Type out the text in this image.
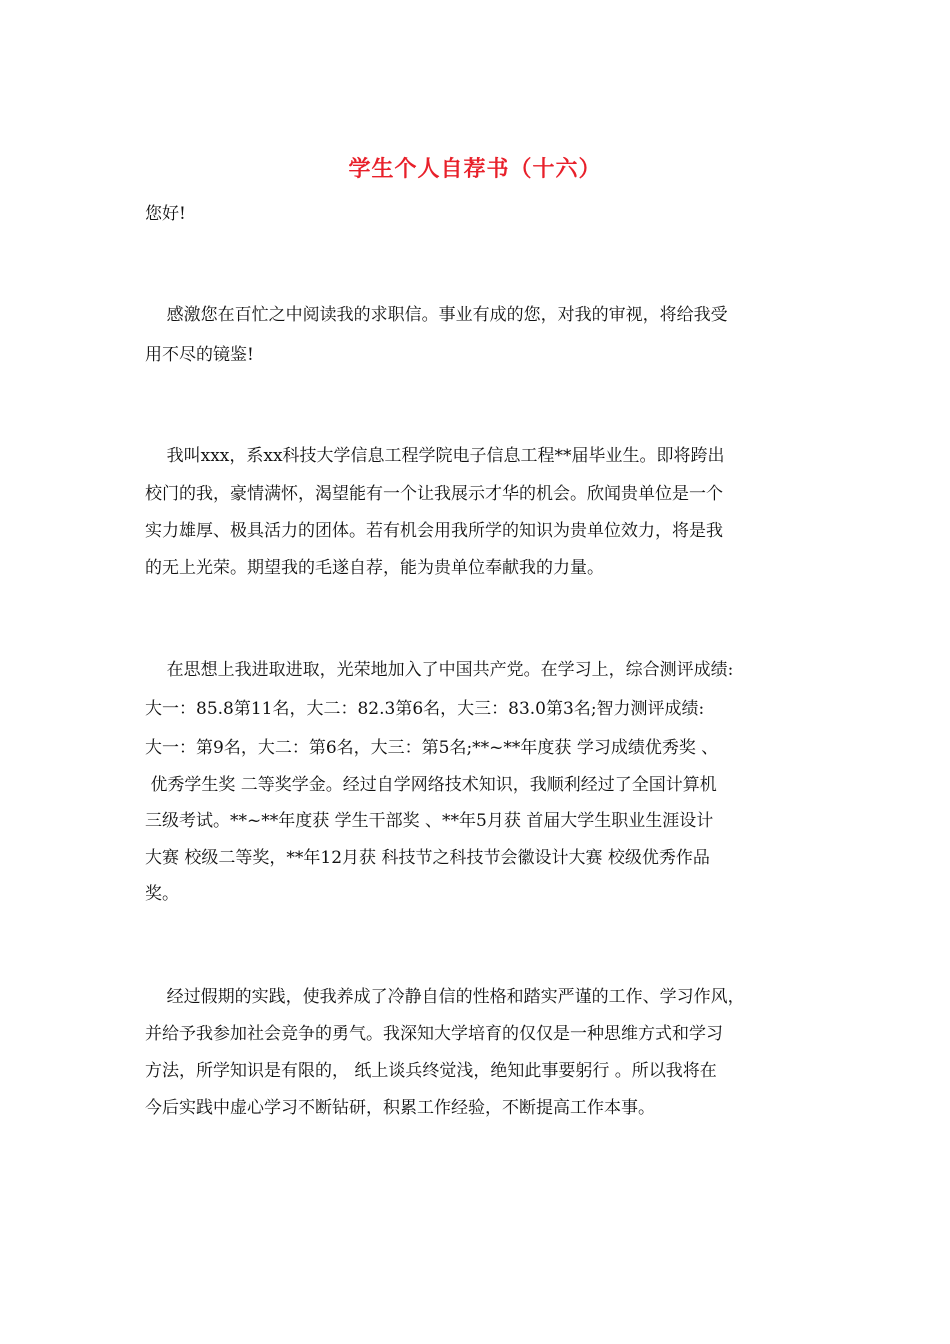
学生个人自荐书（十六）
您好!
感激您在百忙之中阅读我的求职信。事业有成的您，对我的审视，将给我受
用不尽的镜鉴!
我叫xxx，系xx科技大学信息工程学院电子信息工程**届毕业生。即将跨出
校门的我，豪情满怀，渴望能有一个让我展示才华的机会。欣闻贵单位是一个
实力雄厚、极具活力的团体。若有机会用我所学的知识为贵单位效力，将是我
的无上光荣。期望我的毛遂自荐，能为贵单位奉献我的力量。
在思想上我进取进取，光荣地加入了中国共产党。在学习上，综合测评成绩:
大一：85.8第11名，大二：82.3第6名，大三：83.0第3名;智力测评成绩:
大一：第9名，大二：第6名，大三：第5名;**~**年度获 学习成绩优秀奖 、
优秀学生奖 二等奖学金。经过自学网络技术知识，我顺利经过了全国计算机
三级考试。**~**年度获 学生干部奖 、**年5月获 首届大学生职业生涯设计
大赛 校级二等奖，**年12月获 科技节之科技节会徽设计大赛 校级优秀作品
奖。
经过假期的实践，使我养成了冷静自信的性格和踏实严谨的工作、学习作风，
并给予我参加社会竞争的勇气。我深知大学培育的仅仅是一种思维方式和学习
方法，所学知识是有限的， 纸上谈兵终觉浅，绝知此事要躬行 。所以我将在
今后实践中虚心学习不断钻研，积累工作经验，不断提高工作本事。
